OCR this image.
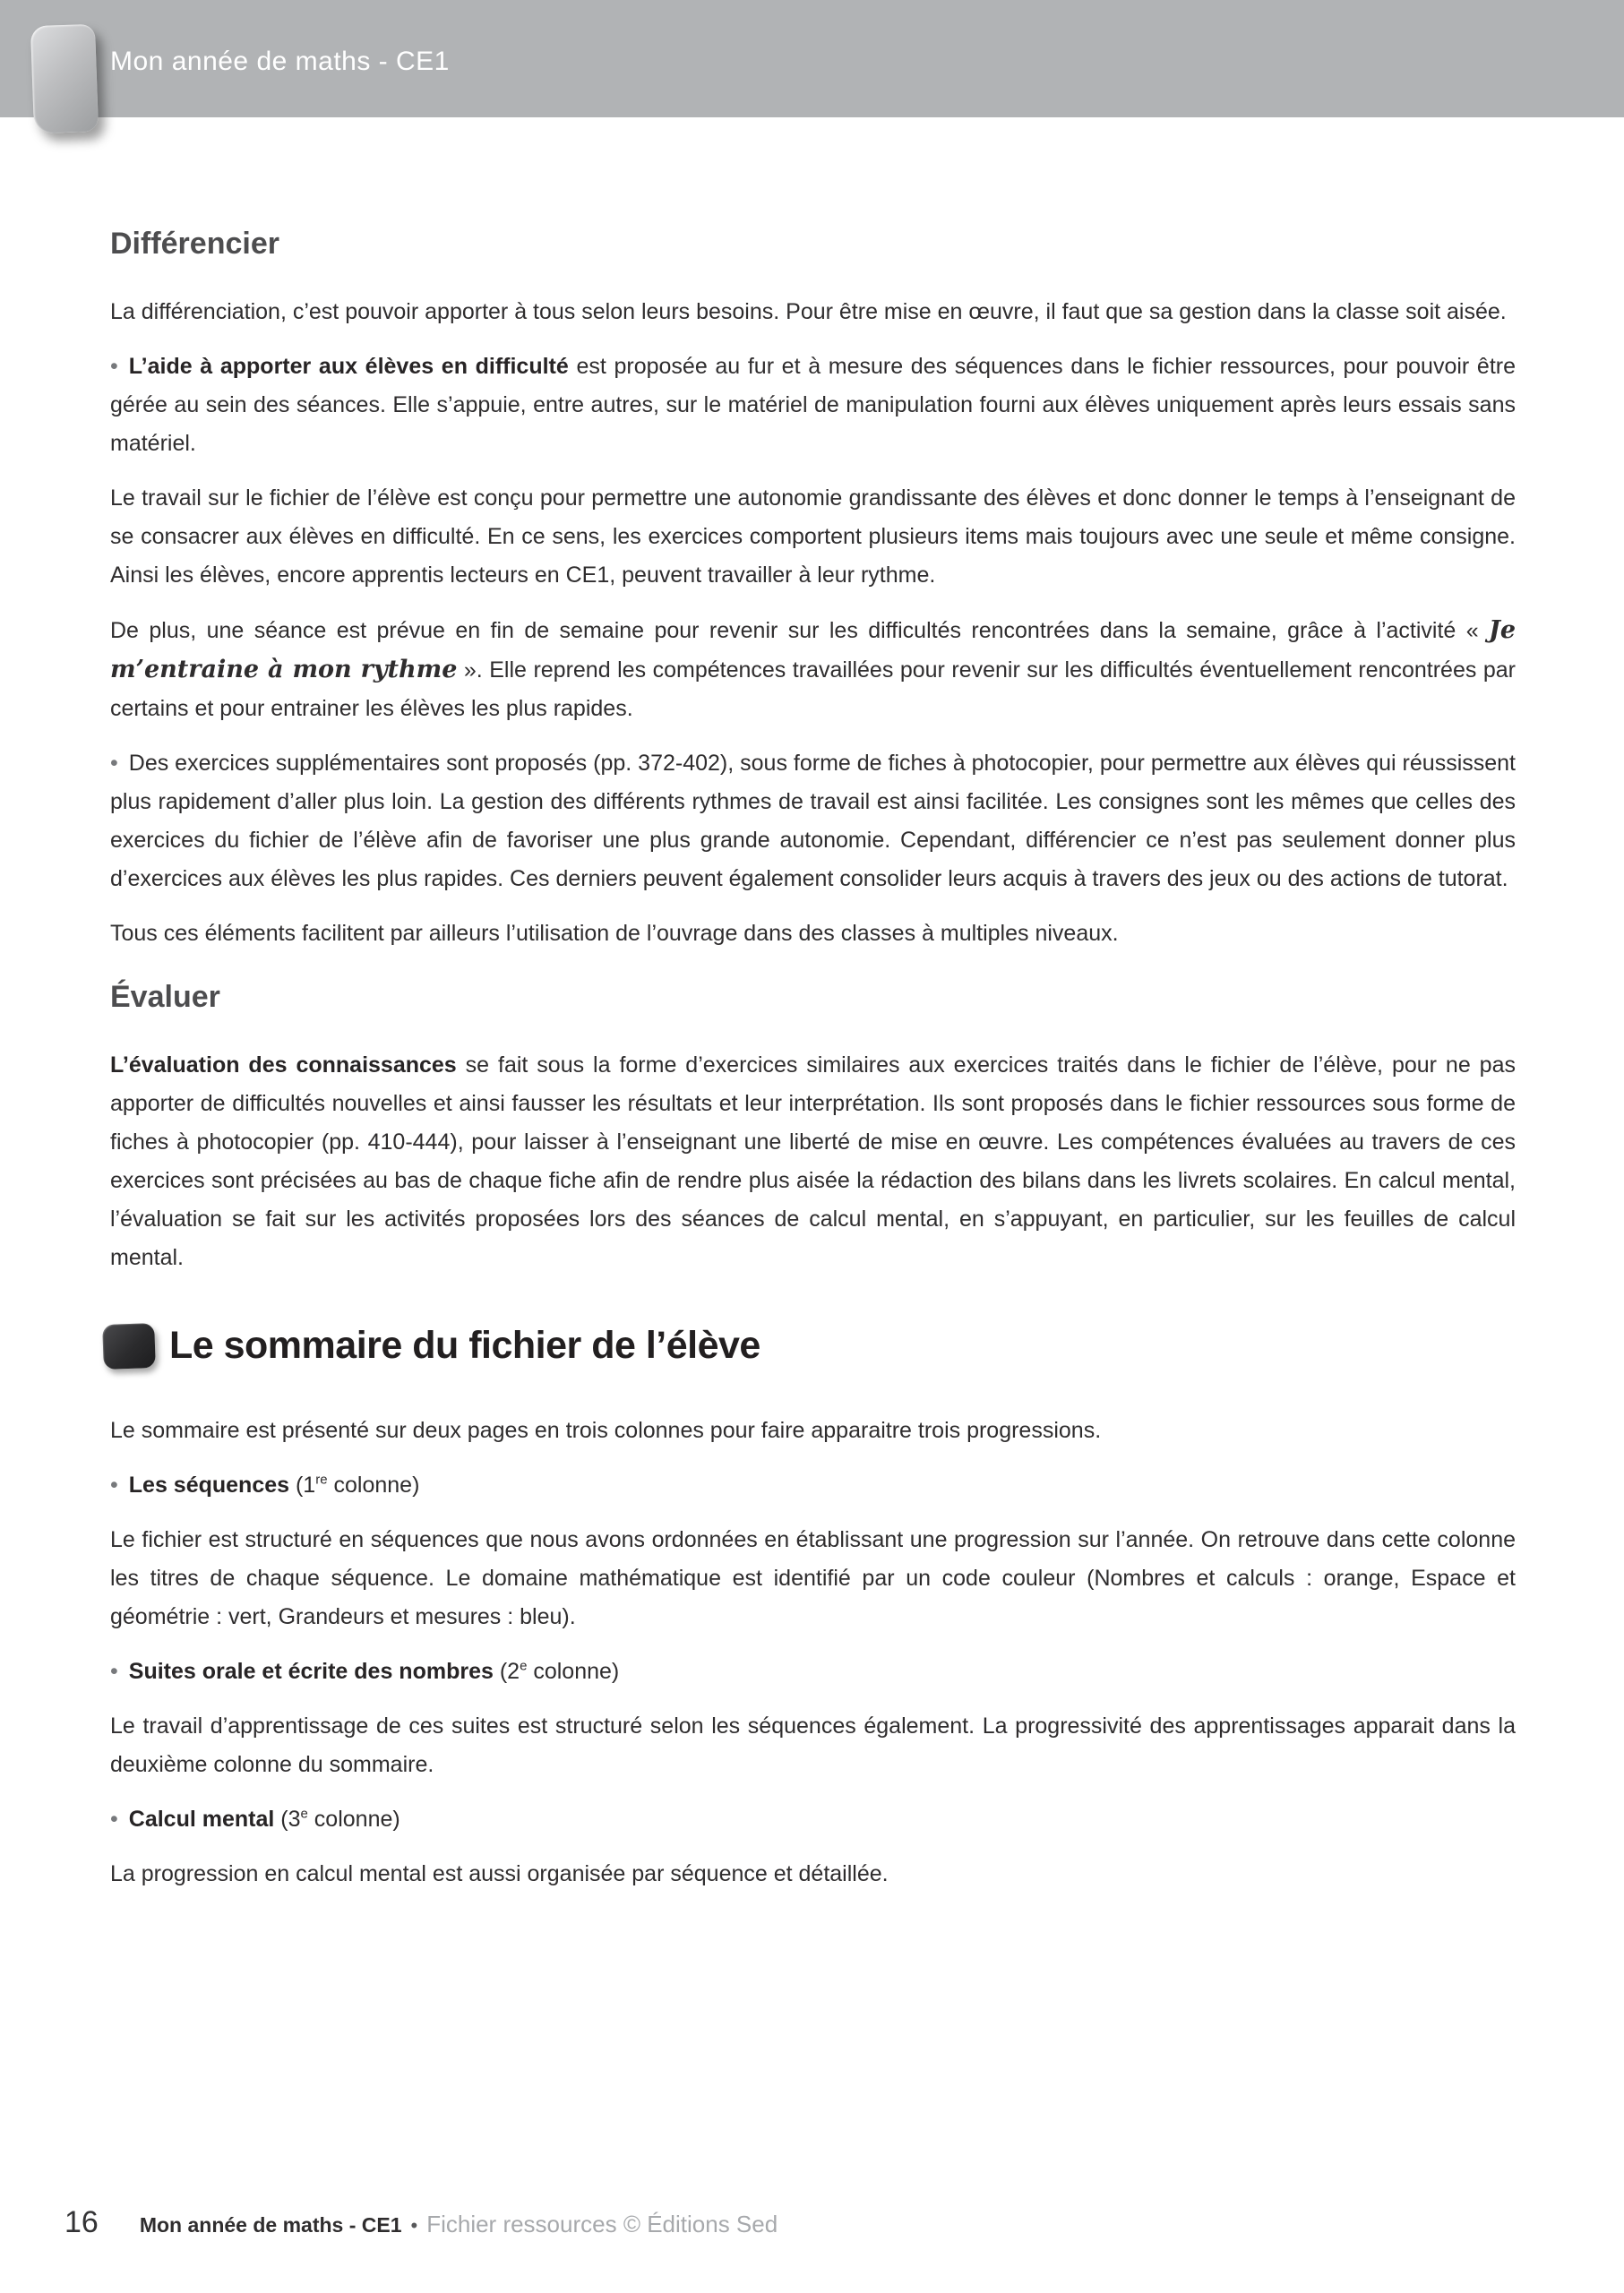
Mon année de maths - CE1
Différencier

La différenciation, c’est pouvoir apporter à tous selon leurs besoins. Pour être mise en œuvre, il faut que sa gestion dans la classe soit aisée.

• L’aide à apporter aux élèves en difficulté est proposée au fur et à mesure des séquences dans le fichier ressources, pour pouvoir être gérée au sein des séances. Elle s’appuie, entre autres, sur le matériel de manipulation fourni aux élèves uniquement après leurs essais sans matériel.

Le travail sur le fichier de l’élève est conçu pour permettre une autonomie grandissante des élèves et donc donner le temps à l’enseignant de se consacrer aux élèves en difficulté. En ce sens, les exercices comportent plusieurs items mais toujours avec une seule et même consigne. Ainsi les élèves, encore apprentis lecteurs en CE1, peuvent travailler à leur rythme.

De plus, une séance est prévue en fin de semaine pour revenir sur les difficultés rencontrées dans la semaine, grâce à l’activité « Je m’entraine à mon rythme ». Elle reprend les compétences travaillées pour revenir sur les difficultés éventuellement rencontrées par certains et pour entrainer les élèves les plus rapides.

• Des exercices supplémentaires sont proposés (pp. 372-402), sous forme de fiches à photocopier, pour permettre aux élèves qui réussissent plus rapidement d’aller plus loin. La gestion des différents rythmes de travail est ainsi facilitée. Les consignes sont les mêmes que celles des exercices du fichier de l’élève afin de favoriser une plus grande autonomie. Cependant, différencier ce n’est pas seulement donner plus d’exercices aux élèves les plus rapides. Ces derniers peuvent également consolider leurs acquis à travers des jeux ou des actions de tutorat.

Tous ces éléments facilitent par ailleurs l’utilisation de l’ouvrage dans des classes à multiples niveaux.

Évaluer

L’évaluation des connaissances se fait sous la forme d’exercices similaires aux exercices traités dans le fichier de l’élève, pour ne pas apporter de difficultés nouvelles et ainsi fausser les résultats et leur interprétation. Ils sont proposés dans le fichier ressources sous forme de fiches à photocopier (pp. 410-444), pour laisser à l’enseignant une liberté de mise en œuvre. Les compétences évaluées au travers de ces exercices sont précisées au bas de chaque fiche afin de rendre plus aisée la rédaction des bilans dans les livrets scolaires. En calcul mental, l’évaluation se fait sur les activités proposées lors des séances de calcul mental, en s’appuyant, en particulier, sur les feuilles de calcul mental.

Le sommaire du fichier de l’élève

Le sommaire est présenté sur deux pages en trois colonnes pour faire apparaitre trois progressions.

• Les séquences (1re colonne)

Le fichier est structuré en séquences que nous avons ordonnées en établissant une progression sur l’année. On retrouve dans cette colonne les titres de chaque séquence. Le domaine mathématique est identifié par un code couleur (Nombres et calculs : orange, Espace et géométrie : vert, Grandeurs et mesures : bleu).

• Suites orale et écrite des nombres (2e colonne)

Le travail d’apprentissage de ces suites est structuré selon les séquences également. La progressivité des apprentissages apparait dans la deuxième colonne du sommaire.

• Calcul mental (3e colonne)

La progression en calcul mental est aussi organisée par séquence et détaillée.

16 Mon année de maths - CE1 • Fichier ressources © Éditions Sed
